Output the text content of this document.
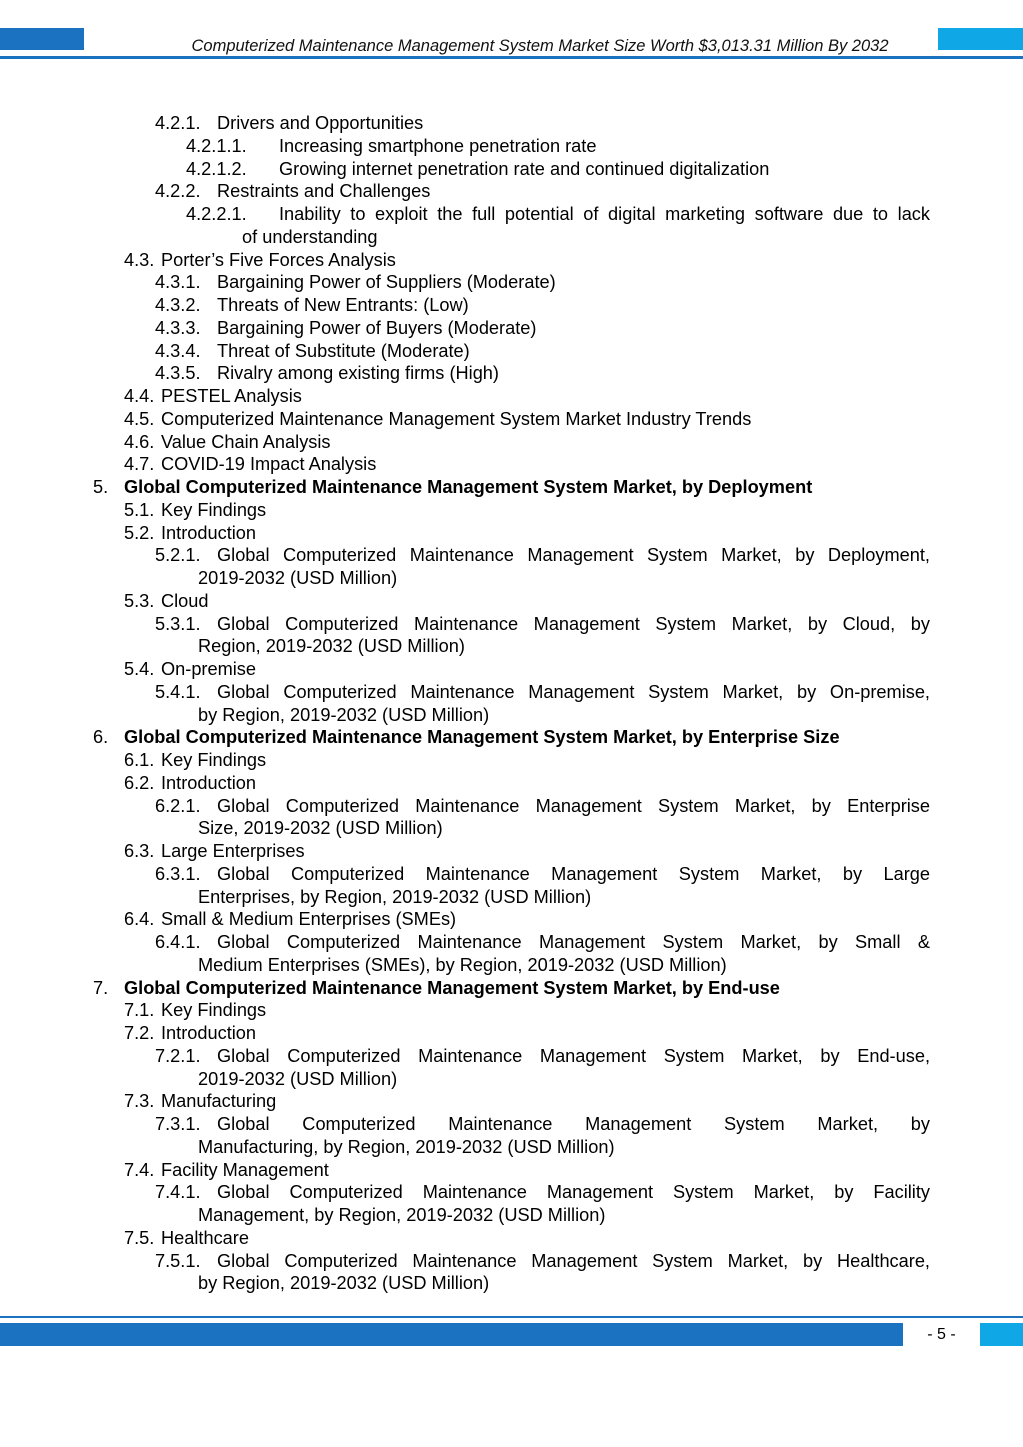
Computerized Maintenance Management System Market Size Worth $3,013.31 Million By 2032
4.2.1. Drivers and Opportunities
4.2.1.1. Increasing smartphone penetration rate
4.2.1.2. Growing internet penetration rate and continued digitalization
4.2.2. Restraints and Challenges
4.2.2.1. Inability to exploit the full potential of digital marketing software due to lack
of understanding
4.3. Porter’s Five Forces Analysis
4.3.1. Bargaining Power of Suppliers (Moderate)
4.3.2. Threats of New Entrants: (Low)
4.3.3. Bargaining Power of Buyers (Moderate)
4.3.4. Threat of Substitute (Moderate)
4.3.5. Rivalry among existing firms (High)
4.4. PESTEL Analysis
4.5. Computerized Maintenance Management System Market Industry Trends
4.6. Value Chain Analysis
4.7. COVID-19 Impact Analysis
5. Global Computerized Maintenance Management System Market, by Deployment
5.1. Key Findings
5.2. Introduction
5.2.1. Global Computerized Maintenance Management System Market, by Deployment,
2019-2032 (USD Million)
5.3. Cloud
5.3.1. Global Computerized Maintenance Management System Market, by Cloud, by
Region, 2019-2032 (USD Million)
5.4. On-premise
5.4.1. Global Computerized Maintenance Management System Market, by On-premise,
by Region, 2019-2032 (USD Million)
6. Global Computerized Maintenance Management System Market, by Enterprise Size
6.1. Key Findings
6.2. Introduction
6.2.1. Global Computerized Maintenance Management System Market, by Enterprise
Size, 2019-2032 (USD Million)
6.3. Large Enterprises
6.3.1. Global Computerized Maintenance Management System Market, by Large
Enterprises, by Region, 2019-2032 (USD Million)
6.4. Small & Medium Enterprises (SMEs)
6.4.1. Global Computerized Maintenance Management System Market, by Small &
Medium Enterprises (SMEs), by Region, 2019-2032 (USD Million)
7. Global Computerized Maintenance Management System Market, by End-use
7.1. Key Findings
7.2. Introduction
7.2.1. Global Computerized Maintenance Management System Market, by End-use,
2019-2032 (USD Million)
7.3. Manufacturing
7.3.1. Global Computerized Maintenance Management System Market, by
Manufacturing, by Region, 2019-2032 (USD Million)
7.4. Facility Management
7.4.1. Global Computerized Maintenance Management System Market, by Facility
Management, by Region, 2019-2032 (USD Million)
7.5. Healthcare
7.5.1. Global Computerized Maintenance Management System Market, by Healthcare,
by Region, 2019-2032 (USD Million)
- 5 -
